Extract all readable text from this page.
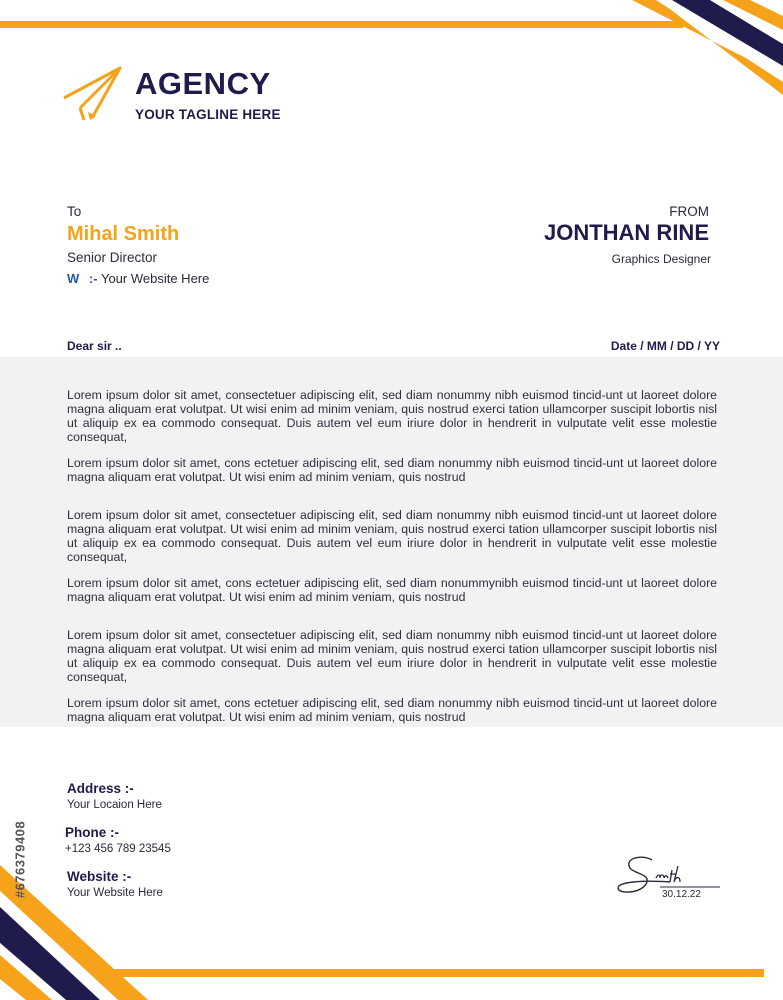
AGENCY
YOUR TAGLINE HERE
To
Mihal Smith
Senior Director
W :- Your Website Here
FROM
JONTHAN RINE
Graphics Designer
Dear sir ..	Date / MM / DD / YY

Lorem ipsum dolor sit amet, consectetuer adipiscing elit, sed diam nonummy nibh euismod tincid-unt ut laoreet dolore magna aliquam erat volutpat. Ut wisi enim ad minim veniam, quis nostrud exerci tation ullamcorper suscipit lobortis nisl ut aliquip ex ea commodo consequat. Duis autem vel eum iriure dolor in hendrerit in vulputate velit esse molestie consequat,

Lorem ipsum dolor sit amet, cons ectetuer adipiscing elit, sed diam nonummy nibh euismod tincid-unt ut laoreet dolore magna aliquam erat volutpat. Ut wisi enim ad minim veniam, quis nostrud

Lorem ipsum dolor sit amet, consectetuer adipiscing elit, sed diam nonummy nibh euismod tincid-unt ut laoreet dolore magna aliquam erat volutpat. Ut wisi enim ad minim veniam, quis nostrud exerci tation ullamcorper suscipit lobortis nisl ut aliquip ex ea commodo consequat. Duis autem vel eum iriure dolor in hendrerit in vulputate velit esse molestie consequat,

Lorem ipsum dolor sit amet, cons ectetuer adipiscing elit, sed diam nonummynibh euismod tincid-unt ut laoreet dolore magna aliquam erat volutpat. Ut wisi enim ad minim veniam, quis nostrud

Lorem ipsum dolor sit amet, consectetuer adipiscing elit, sed diam nonummy nibh euismod tincid-unt ut laoreet dolore magna aliquam erat volutpat. Ut wisi enim ad minim veniam, quis nostrud exerci tation ullamcorper suscipit lobortis nisl ut aliquip ex ea commodo consequat. Duis autem vel eum iriure dolor in hendrerit in vulputate velit esse molestie consequat,

Lorem ipsum dolor sit amet, cons ectetuer adipiscing elit, sed diam nonummy nibh euismod tincid-unt ut laoreet dolore magna aliquam erat volutpat. Ut wisi enim ad minim veniam, quis nostrud

Address :-
Your Locaion Here
Phone :-
+123 456 789 23545
Website :-
Your Website Here	30.12.22
#676379408
